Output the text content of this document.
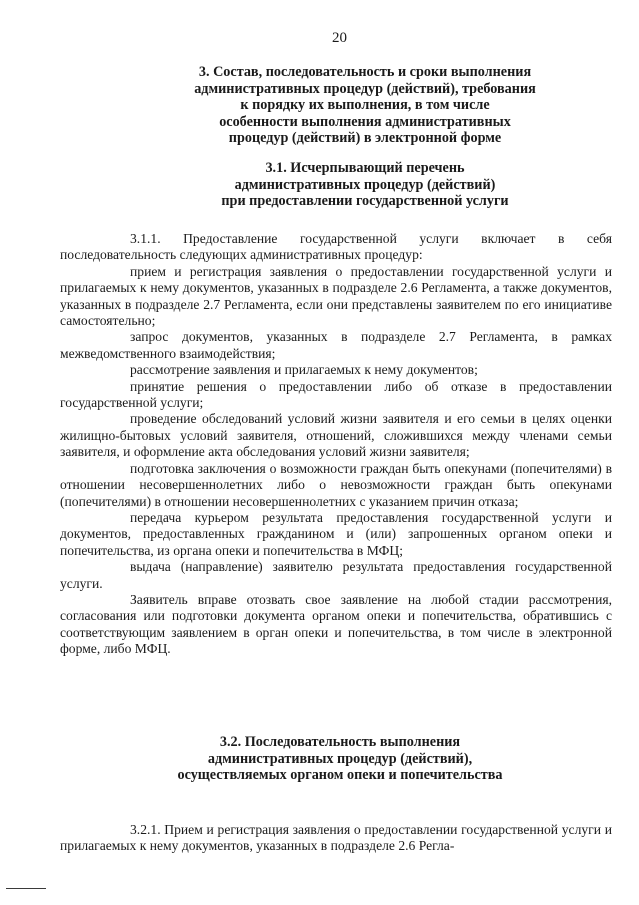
20
3. Состав, последовательность и сроки выполнения
административных процедур (действий), требования
к порядку их выполнения, в том числе
особенности выполнения административных
процедур (действий) в электронной форме
3.1. Исчерпывающий перечень
административных процедур (действий)
при предоставлении государственной услуги

3.1.1. Предоставление государственной услуги включает в себя последовательность следующих административных процедур:

прием и регистрация заявления о предоставлении государственной услуги и прилагаемых к нему документов, указанных в подразделе 2.6 Регламента, а также документов, указанных в подразделе 2.7 Регламента, если они представлены заявителем по его инициативе самостоятельно;

запрос документов, указанных в подразделе 2.7 Регламента, в рамках межведомственного взаимодействия;

рассмотрение заявления и прилагаемых к нему документов;

принятие решения о предоставлении либо об отказе в предоставлении государственной услуги;

проведение обследований условий жизни заявителя и его семьи в целях оценки жилищно-бытовых условий заявителя, отношений, сложившихся между членами семьи заявителя, и оформление акта обследования условий жизни заявителя;

подготовка заключения о возможности граждан быть опекунами (попечителями) в отношении несовершеннолетних либо о невозможности граждан быть опекунами (попечителями) в отношении несовершеннолетних с указанием причин отказа;

передача курьером результата предоставления государственной услуги и документов, предоставленных гражданином и (или) запрошенных органом опеки и попечительства, из органа опеки и попечительства в МФЦ;

выдача (направление) заявителю результата предоставления государственной услуги.

Заявитель вправе отозвать свое заявление на любой стадии рассмотрения, согласования или подготовки документа органом опеки и попечительства, обратившись с соответствующим заявлением в орган опеки и попечительства, в том числе в электронной форме, либо МФЦ.

3.2. Последовательность выполнения
административных процедур (действий),
осуществляемых органом опеки и попечительства

3.2.1. Прием и регистрация заявления о предоставлении государственной услуги и прилагаемых к нему документов, указанных в подразделе 2.6 Регла-
